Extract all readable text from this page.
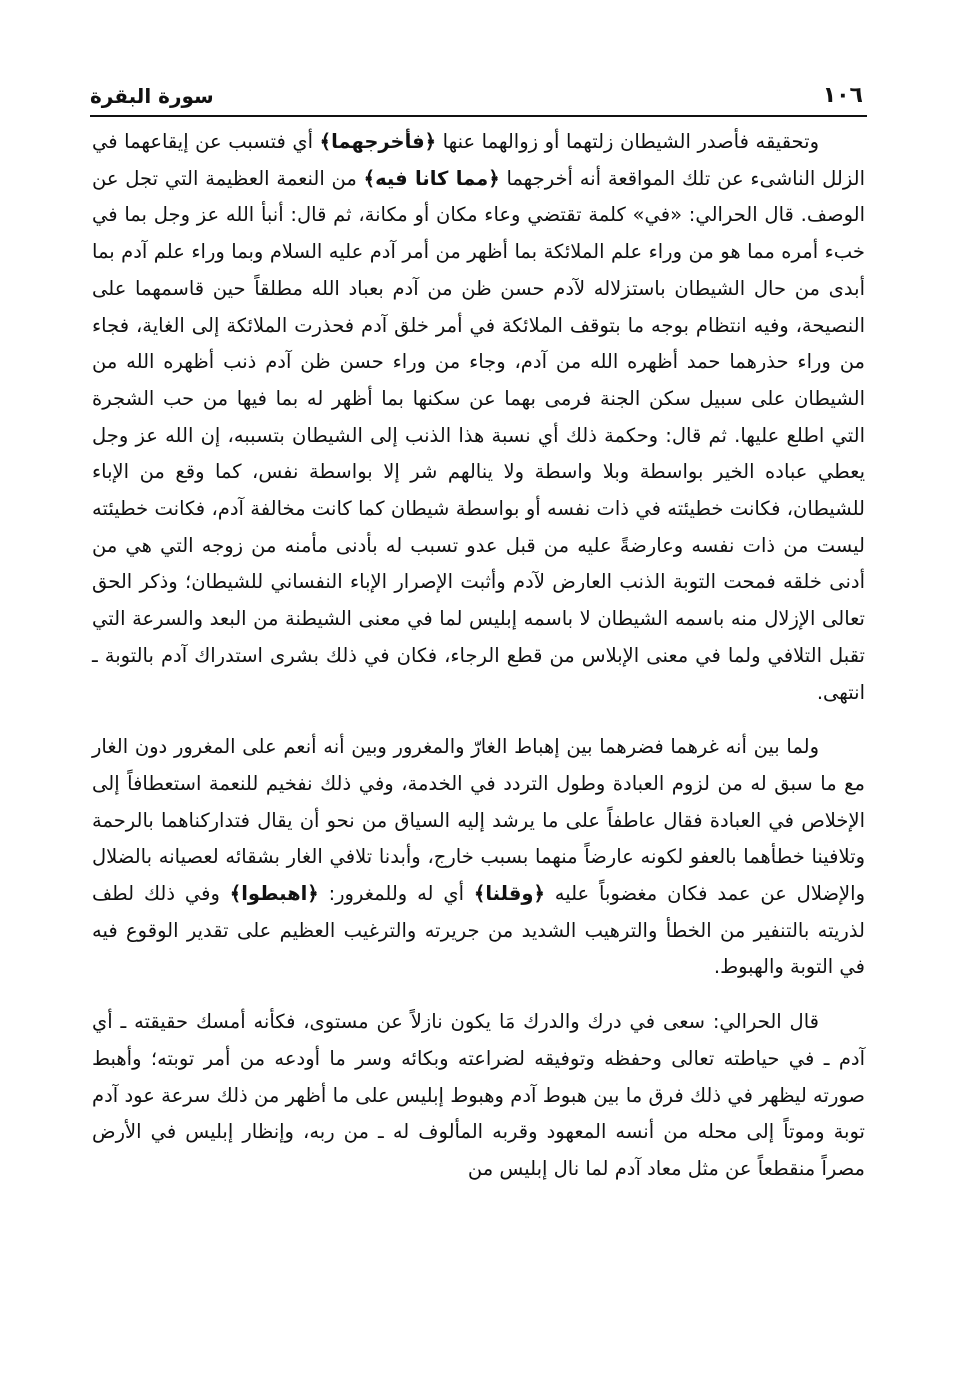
١٠٦
سورة البقرة

وتحقيقه فأصدر الشيطان زلتهما أو زوالهما عنها ﴿فأخرجهما﴾ أي فتسبب عن إيقاعهما في الزلل الناشىء عن تلك المواقعة أنه أخرجهما ﴿مما كانا فيه﴾ من النعمة العظيمة التي تجل عن الوصف. قال الحرالي: «في» كلمة تقتضي وعاء مكان أو مكانة، ثم قال: أنبأ الله عز وجل بما في خبء أمره مما هو من وراء علم الملائكة بما أظهر من أمر آدم عليه السلام وبما وراء علم آدم بما أبدى من حال الشيطان باستزلاله لآدم حسن ظن من آدم بعباد الله مطلقاً حين قاسمهما على النصيحة، وفيه انتظام بوجه ما بتوقف الملائكة في أمر خلق آدم فحذرت الملائكة إلى الغاية، فجاء من وراء حذرهما حمد أظهره الله من آدم، وجاء من وراء حسن ظن آدم ذنب أظهره الله من الشيطان على سبيل سكن الجنة فرمى بهما عن سكنها بما أظهر له بما فيها من حب الشجرة التي اطلع عليها. ثم قال: وحكمة ذلك أي نسبة هذا الذنب إلى الشيطان بتسببه، إن الله عز وجل يعطي عباده الخير بواسطة وبلا واسطة ولا ينالهم شر إلا بواسطة نفس، كما وقع من الإباء للشيطان، فكانت خطيئته في ذات نفسه أو بواسطة شيطان كما كانت مخالفة آدم، فكانت خطيئته ليست من ذات نفسه وعارضةً عليه من قبل عدو تسبب له بأدنى مأمنه من زوجه التي هي من أدنى خلقه فمحت التوبة الذنب العارض لآدم وأثبت الإصرار الإباء النفساني للشيطان؛ وذكر الحق تعالى الإزلال منه باسمه الشيطان لا باسمه إبليس لما في معنى الشيطنة من البعد والسرعة التي تقبل التلافي ولما في معنى الإبلاس من قطع الرجاء، فكان في ذلك بشرى استدراك آدم بالتوبة ـ انتهى.

ولما بين أنه غرهما فضرهما بين إهباط الغارّ والمغرور وبين أنه أنعم على المغرور دون الغار مع ما سبق له من لزوم العبادة وطول التردد في الخدمة، وفي ذلك نفخيم للنعمة استعطافاً إلى الإخلاص في العبادة فقال عاطفاً على ما يرشد إليه السياق من نحو أن يقال فتداركناهما بالرحمة وتلافينا خطأهما بالعفو لكونه عارضاً منهما بسبب خارج، وأبدنا تلافي الغار بشقائه لعصيانه بالضلال والإضلال عن عمد فكان مغضوباً عليه ﴿وقلنا﴾ أي له وللمغرور: ﴿اهبطوا﴾ وفي ذلك لطف لذريته بالتنفير من الخطأ والترهيب الشديد من جريرته والترغيب العظيم على تقدير الوقوع فيه في التوبة والهبوط.

قال الحرالي: سعى في درك والدرك مَا يكون نازلاً عن مستوى، فكأنه أمسك حقيقته ـ أي آدم ـ في حياطته تعالى وحفظه وتوفيقه لضراعته وبكائه وسر ما أودعه من أمر توبته؛ وأهبط صورته ليظهر في ذلك فرق ما بين هبوط آدم وهبوط إبليس على ما أظهر من ذلك سرعة عود آدم توبة وموتاً إلى محله من أنسه المعهود وقربه المألوف له ـ من ربه، وإنظار إبليس في الأرض مصراً منقطعاً عن مثل معاد آدم لما نال إبليس من
